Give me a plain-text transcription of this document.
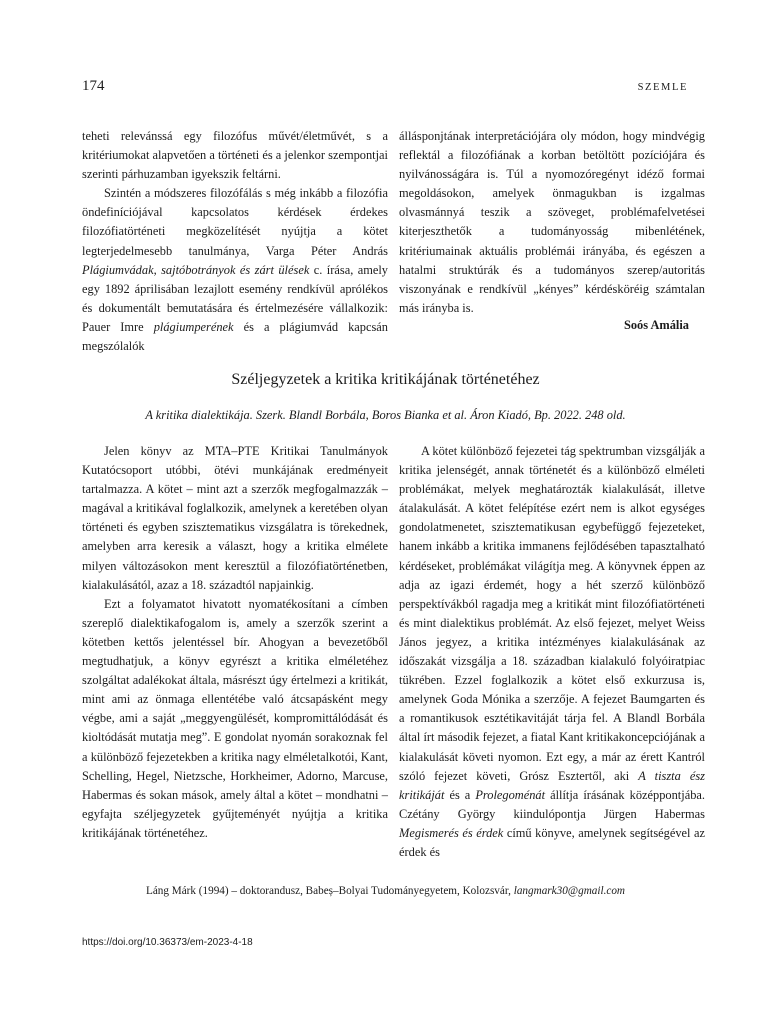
174	SZEMLE

teheti relevánssá egy filozófus művét/életművét, s a kritériumokat alapvetően a történeti és a jelenkor szempontjai szerinti párhuzamban igyekszik feltárni.

Szintén a módszeres filozófálás s még inkább a filozófia öndefiníciójával kapcsolatos kérdések érdekes filozófiatörténeti megközelítését nyújtja a kötet legterjedelmesebb tanulmánya, Varga Péter András Plágiumvádak, sajtóbotrányok és zárt ülések c. írása, amely egy 1892 áprilisában lezajlott esemény rendkívül aprólékos és dokumentált bemutatására és értelmezésére vállalkozik: Pauer Imre plágiumperének és a plágiumvád kapcsán megszólalók

állásponjtának interpretációjára oly módon, hogy mindvégig reflektál a filozófiának a korban betöltött pozíciójára és nyilvánosságára is. Túl a nyomozóregényt idéző formai megoldásokon, amelyek önmagukban is izgalmas olvasmánnyá teszik a szöveget, problémafelvetései kiterjeszthetők a tudományosság mibenlétének, kritériumainak aktuális problémái irányába, és egészen a hatalmi struktúrák és a tudományos szerep/autoritás viszonyának e rendkívül „kényes” kérdésköréig számtalan más irányba is.

Soós Amália
Széljegyzetek a kritika kritikájának történetéhez
A kritika dialektikája. Szerk. Blandl Borbála, Boros Bianka et al. Áron Kiadó, Bp. 2022. 248 old.

Jelen könyv az MTA–PTE Kritikai Tanulmányok Kutatócsoport utóbbi, ötévi munkájának eredményeit tartalmazza. A kötet – mint azt a szerzők megfogalmazzák – magával a kritikával foglalkozik, amelynek a keretében olyan történeti és egyben szisztematikus vizsgálatra is törekednek, amelyben arra keresik a választ, hogy a kritika elmélete milyen változásokon ment keresztül a filozófiatörténetben, kialakulásától, azaz a 18. századtól napjainkig.

Ezt a folyamatot hivatott nyomatékosítani a címben szereplő dialektikafogalom is, amely a szerzők szerint a kötetben kettős jelentéssel bír. Ahogyan a bevezetőből megtudhatjuk, a könyv egyrészt a kritika elméletéhez szolgáltat adalékokat általa, másrészt úgy értelmezi a kritikát, mint ami az önmaga ellentétébe való átcsapásként megy végbe, ami a saját „meggyengülését, kompromittálódását és kioltódását mutatja meg”. E gondolat nyomán sorakoznak fel a különböző fejezetekben a kritika nagy elméletalkotói, Kant, Schelling, Hegel, Nietzsche, Horkheimer, Adorno, Marcuse, Habermas és sokan mások, amely által a kötet – mondhatni – egyfajta széljegyzetek gyűjteményét nyújtja a kritika kritikájának történetéhez.

A kötet különböző fejezetei tág spektrumban vizsgálják a kritika jelenségét, annak történetét és a különböző elméleti problémákat, melyek meghatározták kialakulását, illetve átalakulását. A kötet felépítése ezért nem is alkot egységes gondolatmenetet, szisztematikusan egybefüggő fejezeteket, hanem inkább a kritika immanens fejlődésében tapasztalható kérdéseket, problémákat világítja meg. A könyvnek éppen az adja az igazi érdemét, hogy a hét szerző különböző perspektívákból ragadja meg a kritikát mint filozófiatörténeti és mint dialektikus problémát. Az első fejezet, melyet Weiss János jegyez, a kritika intézményes kialakulásának az időszakát vizsgálja a 18. században kialakuló folyóiratpiac tükrében. Ezzel foglalkozik a kötet első exkurzusa is, amelynek Goda Mónika a szerzője. A fejezet Baumgarten és a romantikusok esztétikavitáját tárja fel. A Blandl Borbála által írt második fejezet, a fiatal Kant kritikakoncepciójának a kialakulását követi nyomon. Ezt egy, a már az érett Kantról szóló fejezet követi, Grósz Esztertől, aki A tiszta ész kritikáját és a Prolegoménát állítja írásának középpontjába. Czétány György kiindulópontja Jürgen Habermas Megismerés és érdek című könyve, amelynek segítségével az érdek és

Láng Márk (1994) – doktorandusz, Babeș–Bolyai Tudományegyetem, Kolozsvár, langmark30@gmail.com
https://doi.org/10.36373/em-2023-4-18
